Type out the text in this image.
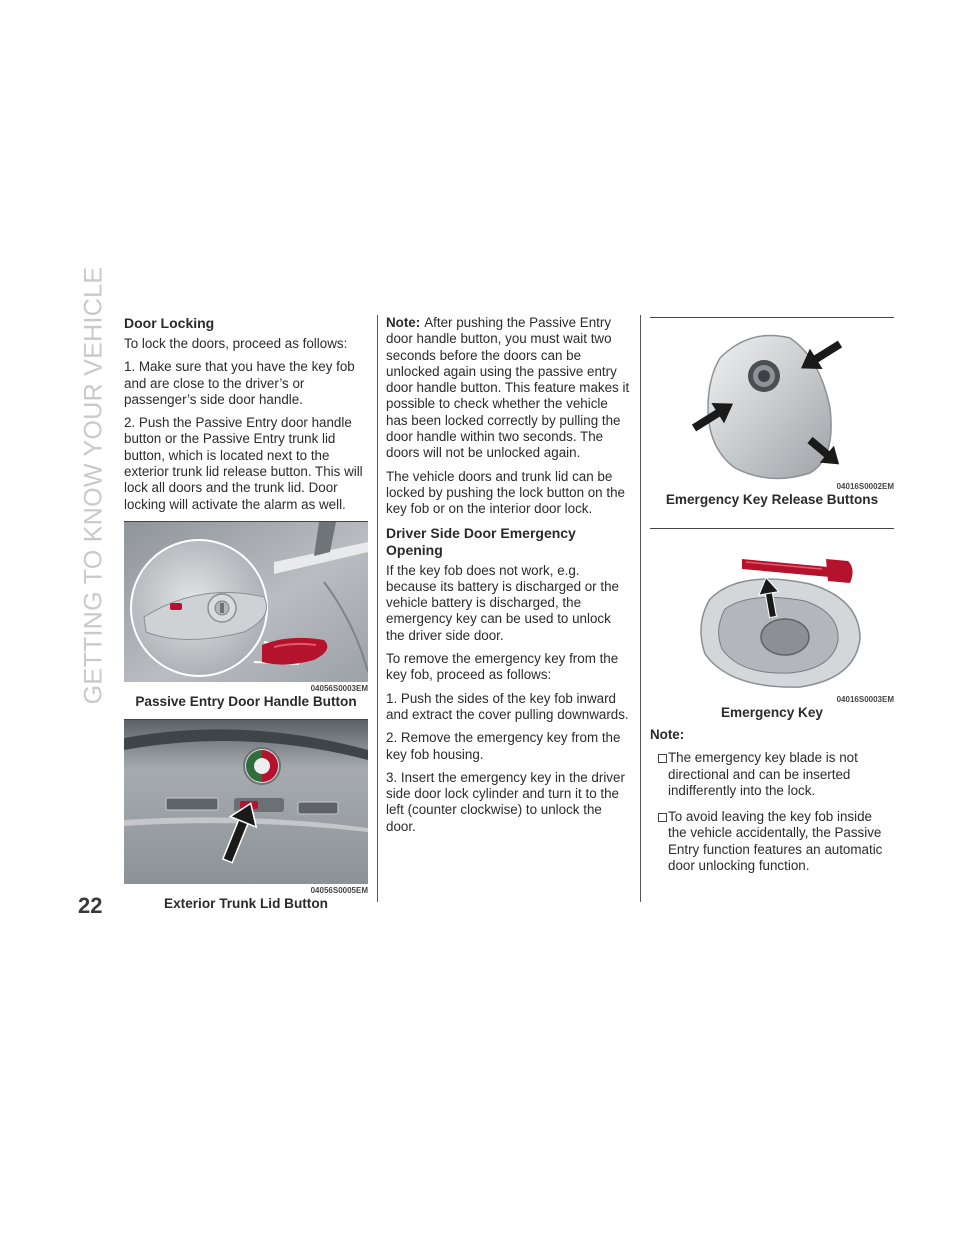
GETTING TO KNOW YOUR VEHICLE
22
Door Locking

To lock the doors, proceed as follows:

1. Make sure that you have the key fob and are close to the driver’s or passenger’s side door handle.

2. Push the Passive Entry door handle button or the Passive Entry trunk lid button, which is located next to the exterior trunk lid release button. This will lock all doors and the trunk lid. Door locking will activate the alarm as well.

04056S0003EM
Passive Entry Door Handle Button
04056S0005EM
Exterior Trunk Lid Button

Note: After pushing the Passive Entry door handle button, you must wait two seconds before the doors can be unlocked again using the passive entry door handle button. This feature makes it possible to check whether the vehicle has been locked correctly by pulling the door handle within two seconds. The doors will not be unlocked again.

The vehicle doors and trunk lid can be locked by pushing the lock button on the key fob or on the interior door lock.

Driver Side Door Emergency Opening

If the key fob does not work, e.g. because its battery is discharged or the vehicle battery is discharged, the emergency key can be used to unlock the driver side door.

To remove the emergency key from the key fob, proceed as follows:

1. Push the sides of the key fob inward and extract the cover pulling downwards.

2. Remove the emergency key from the key fob housing.

3. Insert the emergency key in the driver side door lock cylinder and turn it to the left (counter clockwise) to unlock the door.

04016S0002EM
Emergency Key Release Buttons
04016S0003EM
Emergency Key

Note:

The emergency key blade is not directional and can be inserted indifferently into the lock.
To avoid leaving the key fob inside the vehicle accidentally, the Passive Entry function features an automatic door unlocking function.
